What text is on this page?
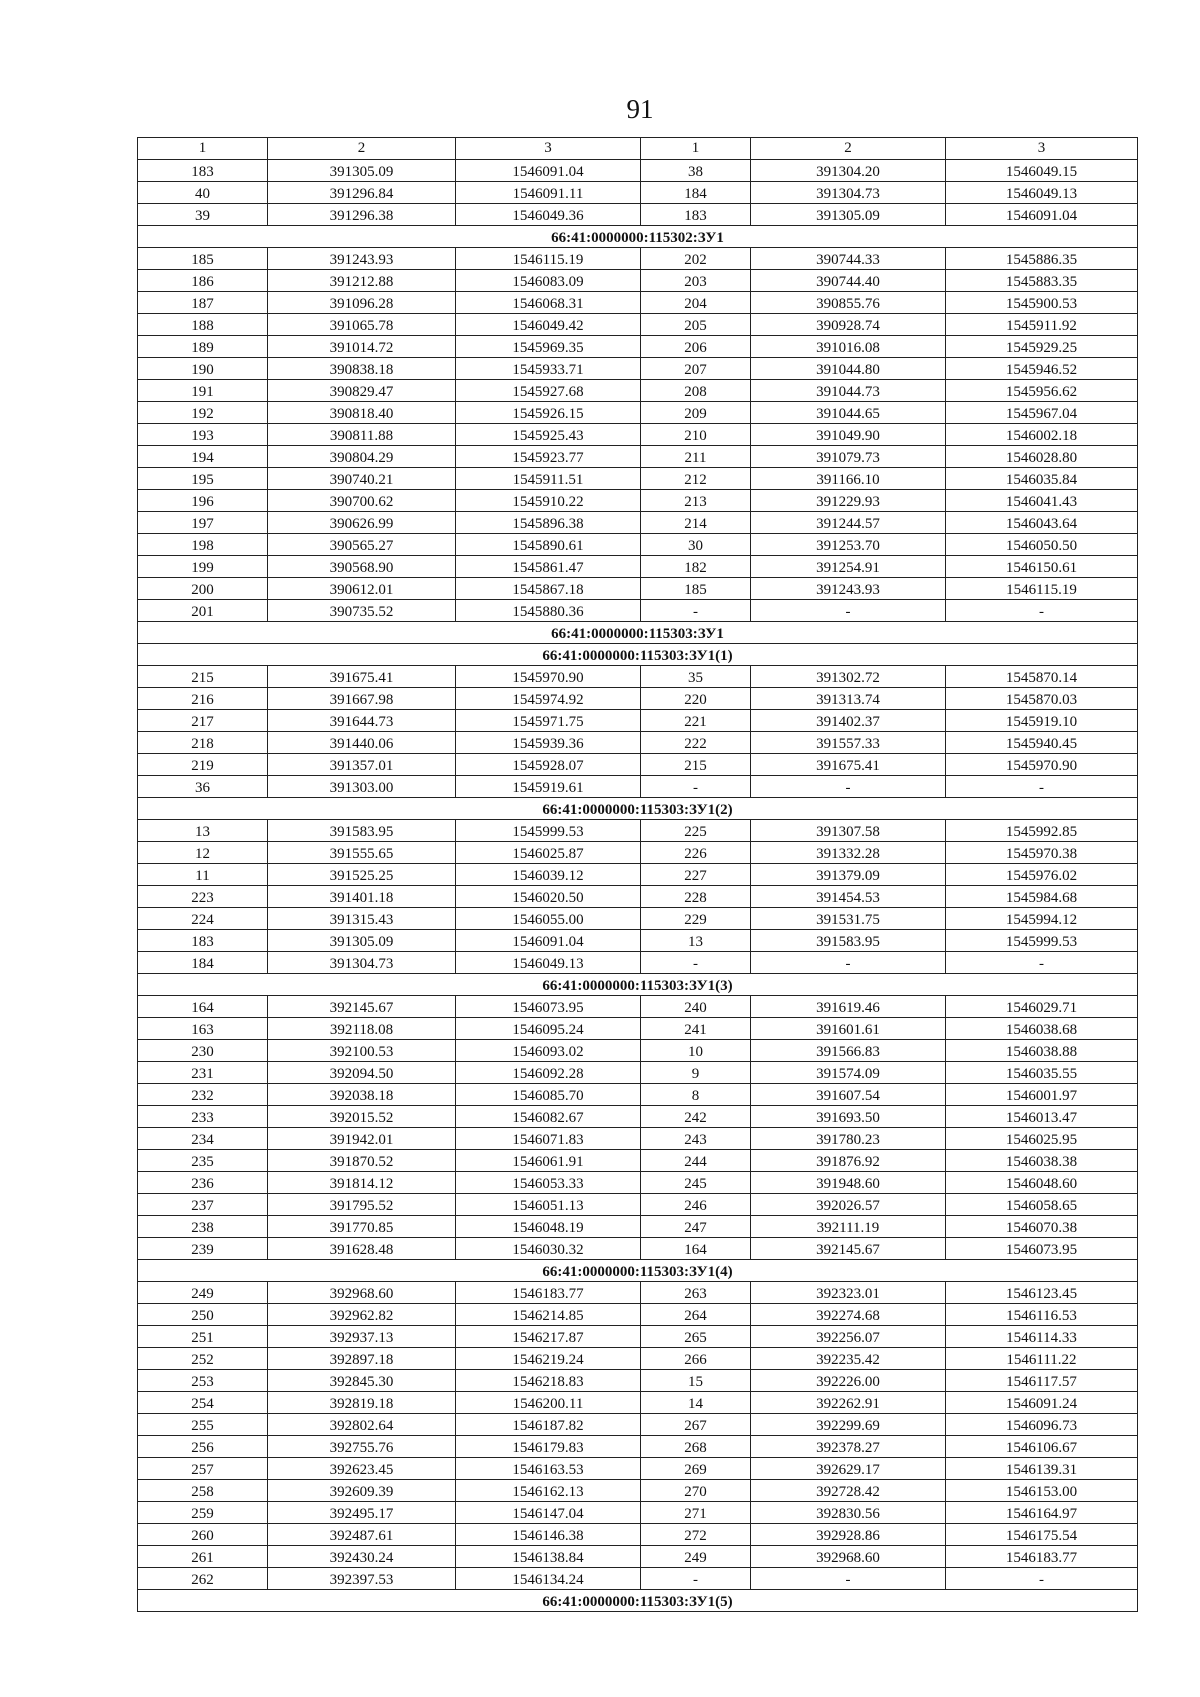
91
1	2	3	1	2	3
183	391305.09	1546091.04	38	391304.20	1546049.15
40	391296.84	1546091.11	184	391304.73	1546049.13
39	391296.38	1546049.36	183	391305.09	1546091.04
66:41:0000000:115302:ЗУ1					
185	391243.93	1546115.19	202	390744.33	1545886.35
186	391212.88	1546083.09	203	390744.40	1545883.35
187	391096.28	1546068.31	204	390855.76	1545900.53
188	391065.78	1546049.42	205	390928.74	1545911.92
189	391014.72	1545969.35	206	391016.08	1545929.25
190	390838.18	1545933.71	207	391044.80	1545946.52
191	390829.47	1545927.68	208	391044.73	1545956.62
192	390818.40	1545926.15	209	391044.65	1545967.04
193	390811.88	1545925.43	210	391049.90	1546002.18
194	390804.29	1545923.77	211	391079.73	1546028.80
195	390740.21	1545911.51	212	391166.10	1546035.84
196	390700.62	1545910.22	213	391229.93	1546041.43
197	390626.99	1545896.38	214	391244.57	1546043.64
198	390565.27	1545890.61	30	391253.70	1546050.50
199	390568.90	1545861.47	182	391254.91	1546150.61
200	390612.01	1545867.18	185	391243.93	1546115.19
201	390735.52	1545880.36	-	-	-
66:41:0000000:115303:ЗУ1					
66:41:0000000:115303:ЗУ1(1)					
215	391675.41	1545970.90	35	391302.72	1545870.14
216	391667.98	1545974.92	220	391313.74	1545870.03
217	391644.73	1545971.75	221	391402.37	1545919.10
218	391440.06	1545939.36	222	391557.33	1545940.45
219	391357.01	1545928.07	215	391675.41	1545970.90
36	391303.00	1545919.61	-	-	-
66:41:0000000:115303:ЗУ1(2)					
13	391583.95	1545999.53	225	391307.58	1545992.85
12	391555.65	1546025.87	226	391332.28	1545970.38
11	391525.25	1546039.12	227	391379.09	1545976.02
223	391401.18	1546020.50	228	391454.53	1545984.68
224	391315.43	1546055.00	229	391531.75	1545994.12
183	391305.09	1546091.04	13	391583.95	1545999.53
184	391304.73	1546049.13	-	-	-
66:41:0000000:115303:ЗУ1(3)					
164	392145.67	1546073.95	240	391619.46	1546029.71
163	392118.08	1546095.24	241	391601.61	1546038.68
230	392100.53	1546093.02	10	391566.83	1546038.88
231	392094.50	1546092.28	9	391574.09	1546035.55
232	392038.18	1546085.70	8	391607.54	1546001.97
233	392015.52	1546082.67	242	391693.50	1546013.47
234	391942.01	1546071.83	243	391780.23	1546025.95
235	391870.52	1546061.91	244	391876.92	1546038.38
236	391814.12	1546053.33	245	391948.60	1546048.60
237	391795.52	1546051.13	246	392026.57	1546058.65
238	391770.85	1546048.19	247	392111.19	1546070.38
239	391628.48	1546030.32	164	392145.67	1546073.95
66:41:0000000:115303:ЗУ1(4)					
249	392968.60	1546183.77	263	392323.01	1546123.45
250	392962.82	1546214.85	264	392274.68	1546116.53
251	392937.13	1546217.87	265	392256.07	1546114.33
252	392897.18	1546219.24	266	392235.42	1546111.22
253	392845.30	1546218.83	15	392226.00	1546117.57
254	392819.18	1546200.11	14	392262.91	1546091.24
255	392802.64	1546187.82	267	392299.69	1546096.73
256	392755.76	1546179.83	268	392378.27	1546106.67
257	392623.45	1546163.53	269	392629.17	1546139.31
258	392609.39	1546162.13	270	392728.42	1546153.00
259	392495.17	1546147.04	271	392830.56	1546164.97
260	392487.61	1546146.38	272	392928.86	1546175.54
261	392430.24	1546138.84	249	392968.60	1546183.77
262	392397.53	1546134.24	-	-	-
66:41:0000000:115303:ЗУ1(5)					
